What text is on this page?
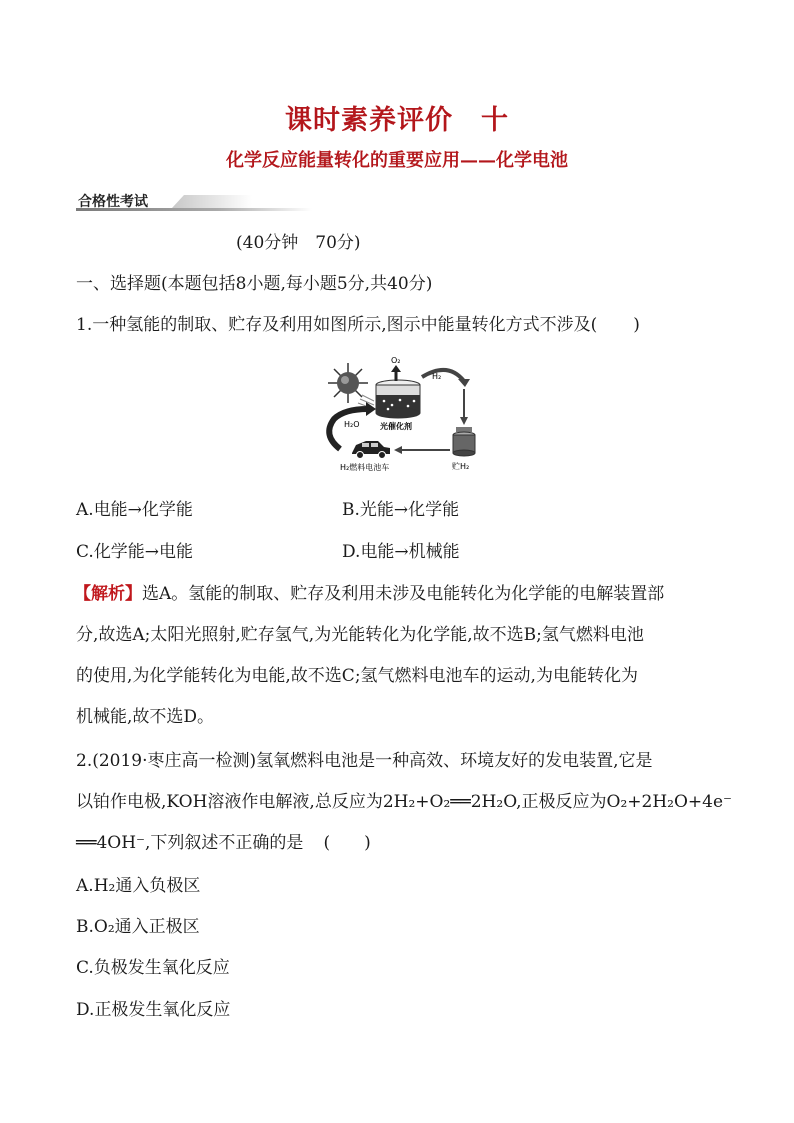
课时素养评价　十
化学反应能量转化的重要应用——化学电池
合格性考试
(40分钟　70分)
一、选择题(本题包括8小题,每小题5分,共40分)
1.一种氢能的制取、贮存及利用如图所示,图示中能量转化方式不涉及( )
O₂
H₂
贮H₂
光催化剂
H₂燃料电池车
H₂O
A.电能→化学能	B.光能→化学能
C.化学能→电能	D.电能→机械能
【解析】选A。氢能的制取、贮存及利用未涉及电能转化为化学能的电解装置部
分,故选A;太阳光照射,贮存氢气,为光能转化为化学能,故不选B;氢气燃料电池
的使用,为化学能转化为电能,故不选C;氢气燃料电池车的运动,为电能转化为
机械能,故不选D。
2.(2019·枣庄高一检测)氢氧燃料电池是一种高效、环境友好的发电装置,它是
以铂作电极,KOH溶液作电解液,总反应为2H₂+O₂══2H₂O,正极反应为O₂+2H₂O+4e⁻
══4OH⁻,下列叙述不正确的是 (　　)
A.H₂通入负极区
B.O₂通入正极区
C.负极发生氧化反应
D.正极发生氧化反应
